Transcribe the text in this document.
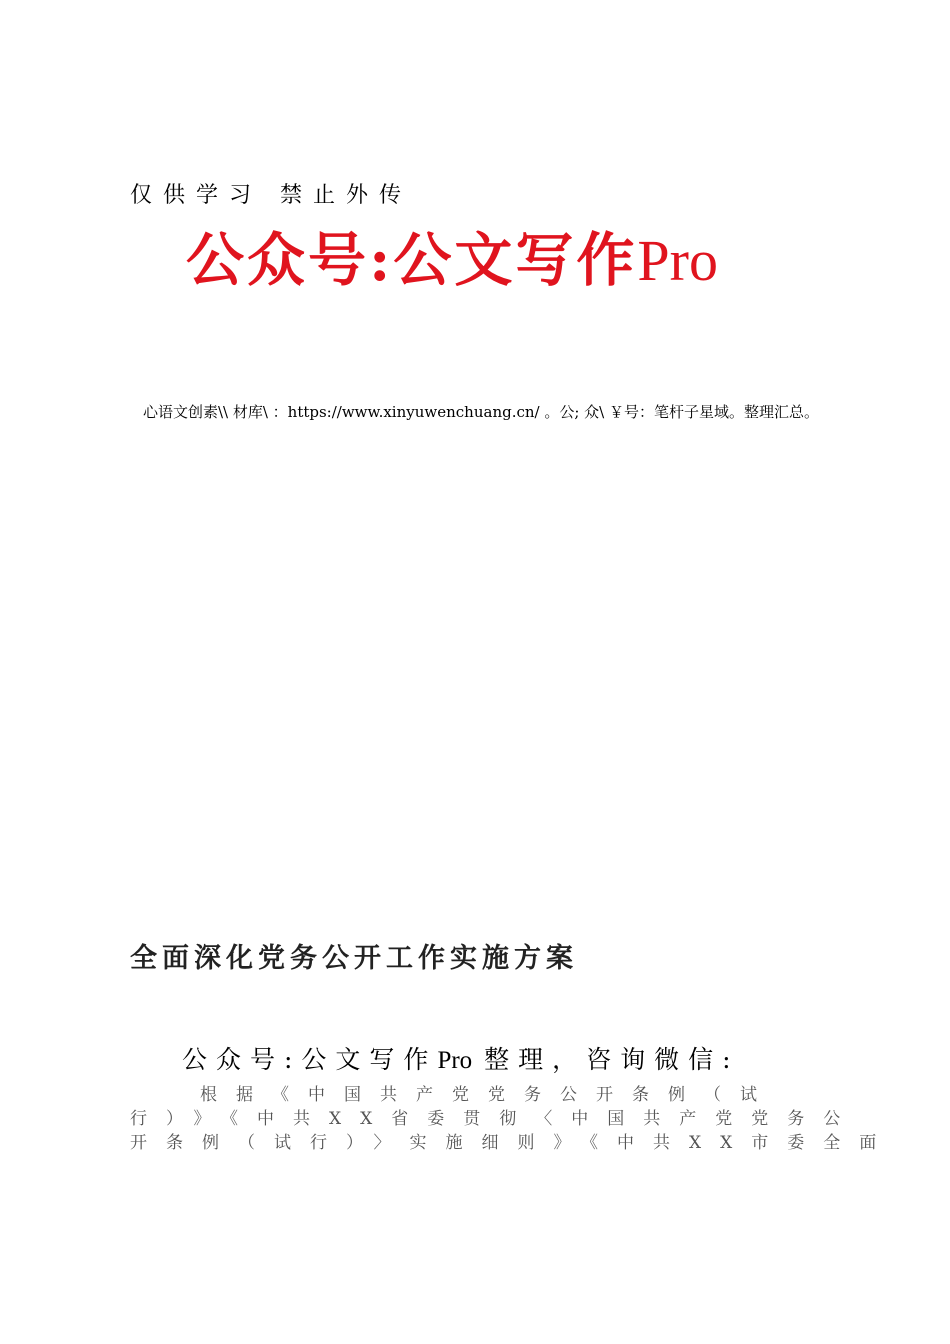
仅供学习 禁止外传
公众号:公文写作Pro
心语文创素\\ 材库\ ：https://www.xinyuwenchuang.cn/ 。公; 众\ ￥号：笔杆子星域。整理汇总。
全面深化党务公开工作实施方案
公众号:公文写作Pro 整理，咨询微信:
根据《中国共产党党务公开条例（试
行）》《中共XX省委贯彻〈中国共产党党务公
开条例（试行）〉实施细则》《中共XX市委全面
